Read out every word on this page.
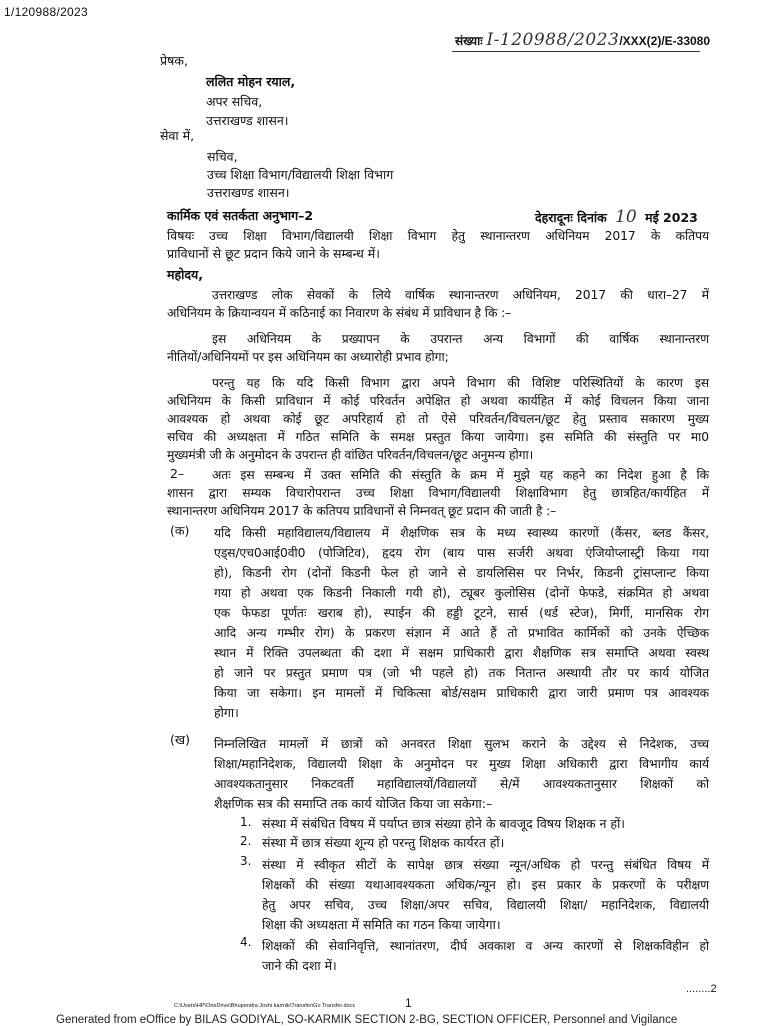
1/120988/2023
संख्याः I-120988/2023/XXX(2)/E-33080
प्रेषक,
ललित मोहन रयाल,
अपर सचिव,
उत्तराखण्ड शासन।
सेवा में,
सचिव,
उच्च शिक्षा विभाग/विद्यालयी शिक्षा विभाग
उत्तराखण्ड शासन।
कार्मिक एवं सतर्कता अनुभाग–2	देहरादूनः दिनांक 10 मई 2023
विषयः उच्च शिक्षा विभाग/विद्यालयी शिक्षा विभाग हेतु स्थानान्तरण अधिनियम 2017 के कतिपय
प्राविधानों से छूट प्रदान किये जाने के सम्बन्ध में।
महोदय,
उत्तराखण्ड लोक सेवकों के लिये वार्षिक स्थानान्तरण अधिनियम, 2017 की धारा–27 में
अधिनियम के क्रियान्वयन में कठिनाई का निवारण के संबंध में प्राविधान है कि :–
इस अधिनियम के प्रख्यापन के उपरान्त अन्य विभागों की वार्षिक स्थानान्तरण
नीतियों/अधिनियमों पर इस अधिनियम का अध्यारोही प्रभाव होगा;
परन्तु यह कि यदि किसी विभाग द्वारा अपने विभाग की विशिष्ट परिस्थितियों के कारण इस
अधिनियम के किसी प्राविधान में कोई परिवर्तन अपेक्षित हो अथवा कार्यहित में कोई विचलन किया जाना
आवश्यक हो अथवा कोई छूट अपरिहार्य हो तो ऐसे परिवर्तन/विचलन/छूट हेतु प्रस्ताव सकारण मुख्य
सचिव की अध्यक्षता में गठित समिति के समक्ष प्रस्तुत किया जायेगा। इस समिति की संस्तुति पर मा0
मुख्यमंत्री जी के अनुमोदन के उपरान्त ही वांछित परिवर्तन/विचलन/छूट अनुमन्य होगा।
2– अतः इस सम्बन्ध में उक्त समिति की संस्तुति के क्रम में मुझे यह कहने का निदेश हुआ है कि
शासन द्वारा सम्यक विचारोपरान्त उच्च शिक्षा विभाग/विद्यालयी शिक्षाविभाग हेतु छात्रहित/कार्यहित में
स्थानान्तरण अधिनियम 2017 के कतिपय प्राविधानों से निम्नवत् छूट प्रदान की जाती है :–
(क) यदि किसी महाविद्यालय/विद्यालय में शैक्षणिक सत्र के मध्य स्वास्थ्य कारणों (कैंसर, ब्लड कैंसर,
एड्स/एच0आई0वी0 (पोजिटिव), हृदय रोग (बाय पास सर्जरी अथवा एंजियोप्लास्ट्री किया गया
हो), किडनी रोग (दोनों किडनी फेल हो जाने से डायलिसिस पर निर्भर, किडनी ट्रांसप्लान्ट किया
गया हो अथवा एक किडनी निकाली गयी हो), ट्यूबर कुलोसिस (दोनों फेफडे, संक्रमित हो अथवा
एक फेफडा पूर्णतः खराब हो), स्पाईन की हड्डी टूटने, सार्स (थर्ड स्टेज), मिर्गी, मानसिक रोग
आदि अन्य गम्भीर रोग) के प्रकरण संज्ञान में आते हैं तो प्रभावित कार्मिकों को उनके ऐच्छिक
स्थान में रिक्ति उपलब्धता की दशा में सक्षम प्राधिकारी द्वारा शैक्षणिक सत्र समाप्ति अथवा स्वस्थ
हो जाने पर प्रस्तुत प्रमाण पत्र (जो भी पहले हो) तक नितान्त अस्थायी तौर पर कार्य योजित
किया जा सकेगा। इन मामलों में चिकित्सा बोर्ड/सक्षम प्राधिकारी द्वारा जारी प्रमाण पत्र आवश्यक
होगा।
(ख) निम्नलिखित मामलों में छात्रों को अनवरत शिक्षा सुलभ कराने के उद्देश्य से निदेशक, उच्च
शिक्षा/महानिदेशक, विद्यालयी शिक्षा के अनुमोदन पर मुख्य शिक्षा अधिकारी द्वारा विभागीय कार्य
आवश्यकतानुसार निकटवर्ती महाविद्यालयों/विद्यालयों से/में आवश्यकतानुसार शिक्षकों को
शैक्षणिक सत्र की समाप्ति तक कार्य योजित किया जा सकेगा:–
1. संस्था में संबंधित विषय में पर्याप्त छात्र संख्या होने के बावजूद विषय शिक्षक न हों।
2. संस्था में छात्र संख्या शून्य हो परन्तु शिक्षक कार्यरत हों।
3. संस्था में स्वीकृत सीटों के सापेक्ष छात्र संख्या न्यून/अधिक हो परन्तु संबंधित विषय में
शिक्षकों की संख्या यथाआवश्यकता अधिक/न्यून हो। इस प्रकार के प्रकरणों के परीक्षण
हेतु अपर सचिव, उच्च शिक्षा/अपर सचिव, विद्यालयी शिक्षा/ महानिदेशक, विद्यालयी
शिक्षा की अध्यक्षता में समिति का गठन किया जायेगा।
4. शिक्षकों की सेवानिवृत्ति, स्थानांतरण, दीर्घ अवकाश व अन्य कारणों से शिक्षकविहीन हो
जाने की दशा में।
........2
C:\Users\HP\OneDrive\Bhupendra Joshi karmik\Transfer\Go Transfer.docx	1
Generated from eOffice by BILAS GODIYAL, SO-KARMIK SECTION 2-BG, SECTION OFFICER, Personnel and Vigilance
